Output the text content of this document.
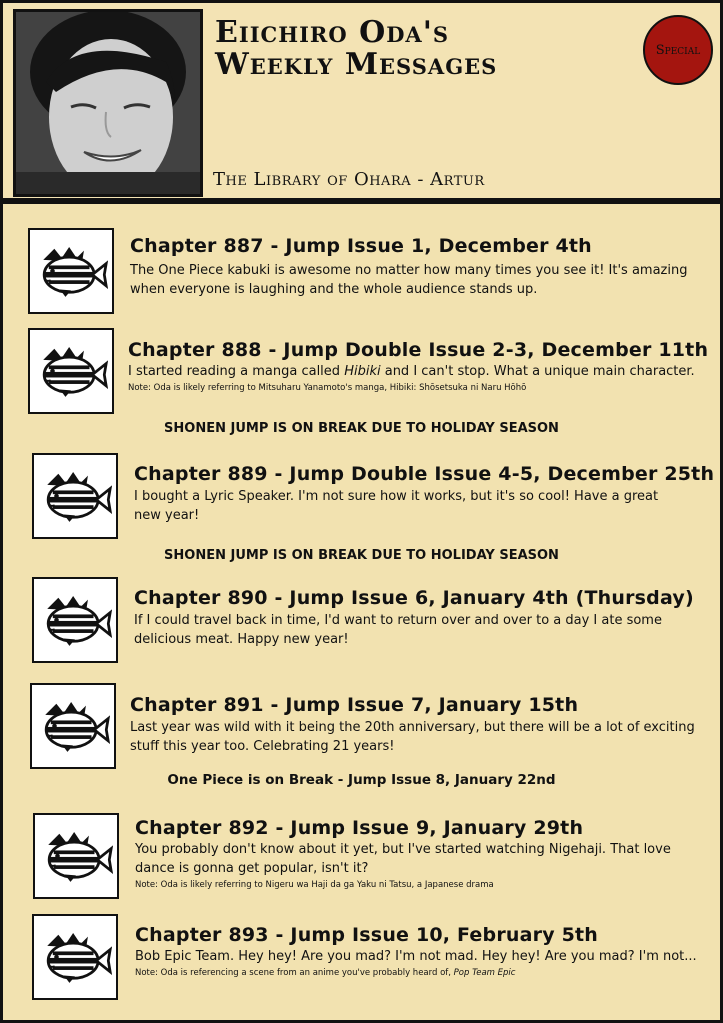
Eiichiro Oda's
Weekly Messages
The Library of Ohara - Artur
Special
Chapter 887 - Jump Issue 1, December 4th
The One Piece kabuki is awesome no matter how many times you see it! It's amazing when everyone is laughing and the whole audience stands up.
Chapter 888 - Jump Double Issue 2-3, December 11th
I started reading a manga called Hibiki and I can't stop. What a unique main character.
Note: Oda is likely referring to Mitsuharu Yanamoto's manga, Hibiki: Shōsetsuka ni Naru Hōhō
SHONEN JUMP IS ON BREAK DUE TO HOLIDAY SEASON
Chapter 889 - Jump Double Issue 4-5, December 25th
I bought a Lyric Speaker. I'm not sure how it works, but it's so cool! Have a great new year!
SHONEN JUMP IS ON BREAK DUE TO HOLIDAY SEASON
Chapter 890 - Jump Issue 6, January 4th (Thursday)
If I could travel back in time, I'd want to return over and over to a day I ate some delicious meat. Happy new year!
Chapter 891 - Jump Issue 7, January 15th
Last year was wild with it being the 20th anniversary, but there will be a lot of exciting stuff this year too. Celebrating 21 years!
One Piece is on Break - Jump Issue 8, January 22nd
Chapter 892 - Jump Issue 9, January 29th
You probably don't know about it yet, but I've started watching Nigehaji. That love dance is gonna get popular, isn't it?
Note: Oda is likely referring to Nigeru wa Haji da ga Yaku ni Tatsu, a Japanese drama
Chapter 893 - Jump Issue 10, February 5th
Bob Epic Team. Hey hey! Are you mad? I'm not mad. Hey hey! Are you mad? I'm not...
Note: Oda is referencing a scene from an anime you've probably heard of, Pop Team Epic
